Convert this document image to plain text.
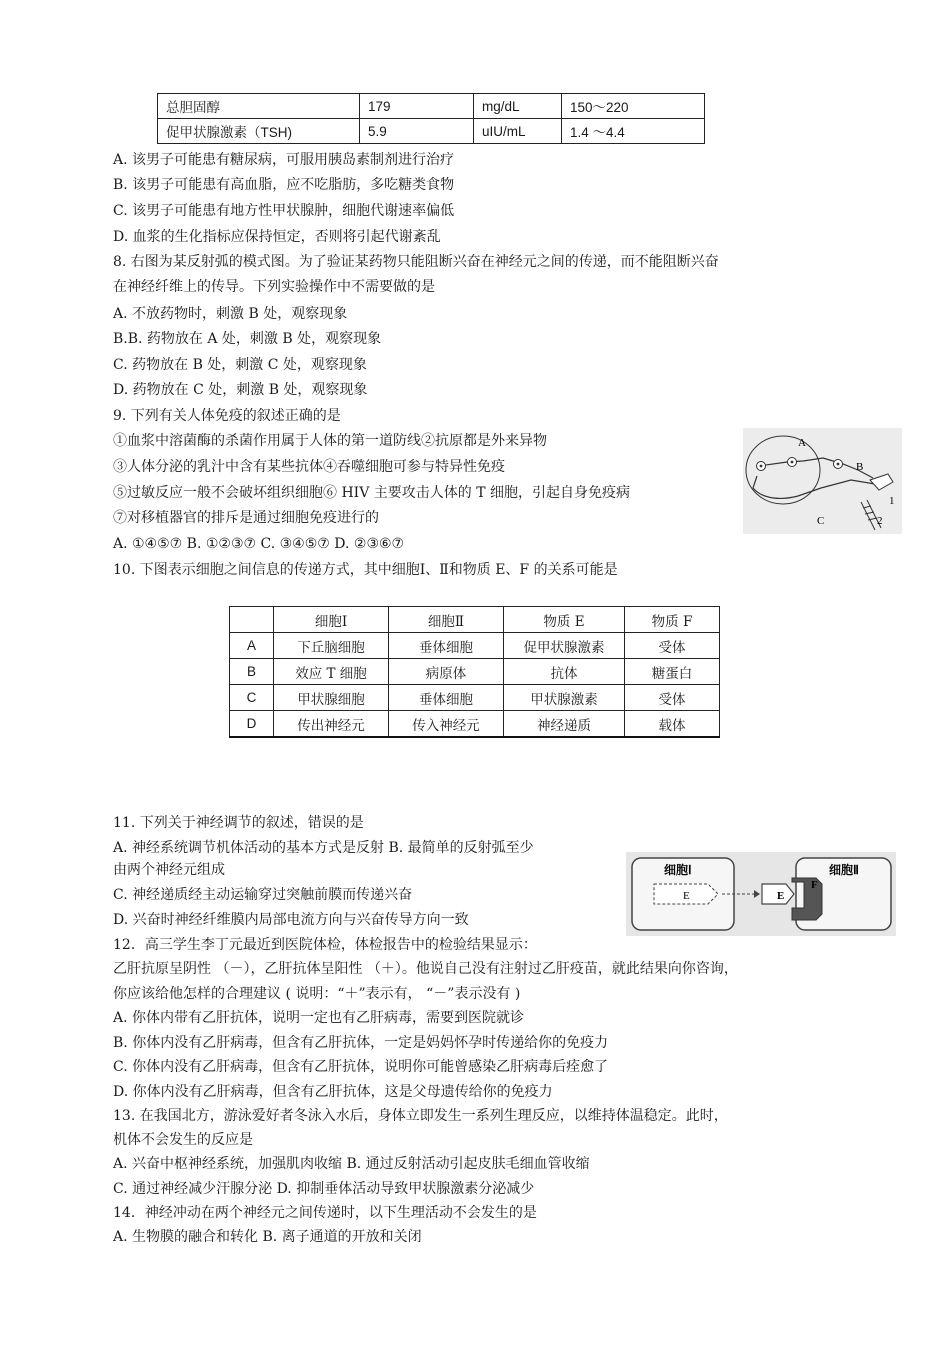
总胆固醇	179	mg/dL	150～220
促甲状腺激素（TSH)	5.9	uIU/mL	1.4 ～4.4
A. 该男子可能患有糖尿病，可服用胰岛素制剂进行治疗
B. 该男子可能患有高血脂，应不吃脂肪，多吃糖类食物
C. 该男子可能患有地方性甲状腺肿，细胞代谢速率偏低
D. 血浆的生化指标应保持恒定，否则将引起代谢紊乱
8. 右图为某反射弧的模式图。为了验证某药物只能阻断兴奋在神经元之间的传递，而不能阻断兴奋
在神经纤维上的传导。下列实验操作中不需要做的是
A. 不放药物时，刺激 B 处，观察现象
B.B. 药物放在 A 处，刺激 B 处，观察现象
C. 药物放在 B 处，刺激 C 处，观察现象
D. 药物放在 C 处，刺激 B 处，观察现象
9. 下列有关人体免疫的叙述正确的是
①血浆中溶菌酶的杀菌作用属于人体的第一道防线②抗原都是外来异物
③人体分泌的乳汁中含有某些抗体④吞噬细胞可参与特异性免疫
⑤过敏反应一般不会破坏组织细胞⑥ HIV 主要攻击人体的 T 细胞，引起自身免疫病
⑦对移植器官的排斥是通过细胞免疫进行的
A. ①④⑤⑦ B. ①②③⑦ C. ③④⑤⑦ D. ②③⑥⑦
A
B
C
1
2
10. 下图表示细胞之间信息的传递方式，其中细胞Ⅰ、Ⅱ和物质 E、F 的关系可能是
	细胞Ⅰ	细胞Ⅱ	物质 E	物质 F
A	下丘脑细胞	垂体细胞	促甲状腺激素	受体
B	效应 T 细胞	病原体	抗体	糖蛋白
C	甲状腺细胞	垂体细胞	甲状腺激素	受体
D	传出神经元	传入神经元	神经递质	载体
11. 下列关于神经调节的叙述，错误的是
A. 神经系统调节机体活动的基本方式是反射 B. 最简单的反射弧至少
由两个神经元组成
C. 神经递质经主动运输穿过突触前膜而传递兴奋
D. 兴奋时神经纤维膜内局部电流方向与兴奋传导方向一致
细胞Ⅰ	细胞Ⅱ
E	E
F
12．高三学生李丁元最近到医院体检，体检报告中的检验结果显示：
乙肝抗原呈阴性 （－），乙肝抗体呈阳性 （＋）。他说自己没有注射过乙肝疫苗，就此结果向你咨询，
你应该给他怎样的合理建议 ( 说明：“＋”表示有， “－”表示没有 )
A. 你体内带有乙肝抗体，说明一定也有乙肝病毒，需要到医院就诊
B. 你体内没有乙肝病毒，但含有乙肝抗体，一定是妈妈怀孕时传递给你的免疫力
C. 你体内没有乙肝病毒，但含有乙肝抗体，说明你可能曾感染乙肝病毒后痊愈了
D. 你体内没有乙肝病毒，但含有乙肝抗体，这是父母遗传给你的免疫力
13. 在我国北方，游泳爱好者冬泳入水后，身体立即发生一系列生理反应，以维持体温稳定。此时，
机体不会发生的反应是
A. 兴奋中枢神经系统，加强肌肉收缩 B. 通过反射活动引起皮肤毛细血管收缩
C. 通过神经减少汗腺分泌 D. 抑制垂体活动导致甲状腺激素分泌减少
14．神经冲动在两个神经元之间传递时，以下生理活动不会发生的是
A. 生物膜的融合和转化 B. 离子通道的开放和关闭
